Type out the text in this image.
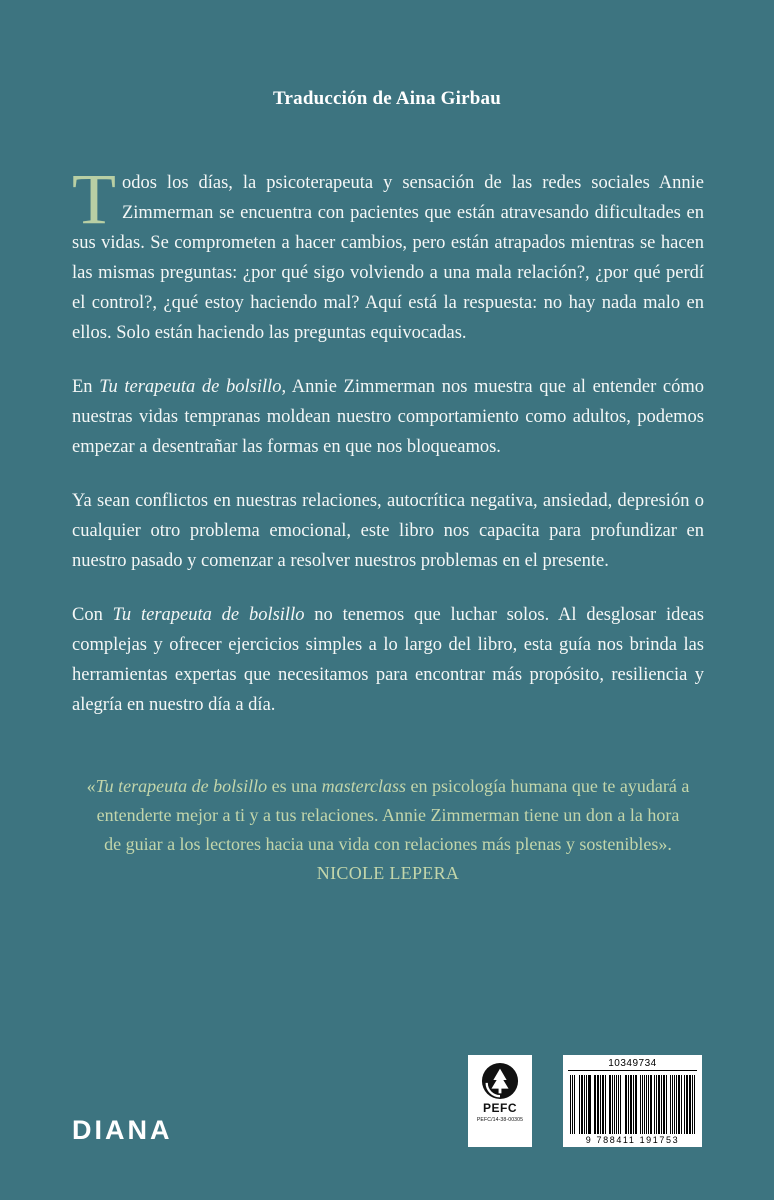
Traducción de Aina Girbau

Todos los días, la psicoterapeuta y sensación de las redes sociales Annie Zimmerman se encuentra con pacientes que están atravesando dificultades en sus vidas. Se comprometen a hacer cambios, pero están atrapados mientras se hacen las mismas preguntas: ¿por qué sigo volviendo a una mala relación?, ¿por qué perdí el control?, ¿qué estoy haciendo mal? Aquí está la respuesta: no hay nada malo en ellos. Solo están haciendo las preguntas equivocadas.

En Tu terapeuta de bolsillo, Annie Zimmerman nos muestra que al entender cómo nuestras vidas tempranas moldean nuestro comportamiento como adultos, podemos empezar a desentrañar las formas en que nos bloqueamos.

Ya sean conflictos en nuestras relaciones, autocrítica negativa, ansiedad, depresión o cualquier otro problema emocional, este libro nos capacita para profundizar en nuestro pasado y comenzar a resolver nuestros problemas en el presente.

Con Tu terapeuta de bolsillo no tenemos que luchar solos. Al desglosar ideas complejas y ofrecer ejercicios simples a lo largo del libro, esta guía nos brinda las herramientas expertas que necesitamos para encontrar más propósito, resiliencia y alegría en nuestro día a día.

«Tu terapeuta de bolsillo es una masterclass en psicología humana que te ayudará a entenderte mejor a ti y a tus relaciones. Annie Zimmerman tiene un don a la hora de guiar a los lectores hacia una vida con relaciones más plenas y sostenibles». NICOLE LEPERA
DIANA
PEFC
PEFC/14-38-00305
10349734
9 788411 191753
